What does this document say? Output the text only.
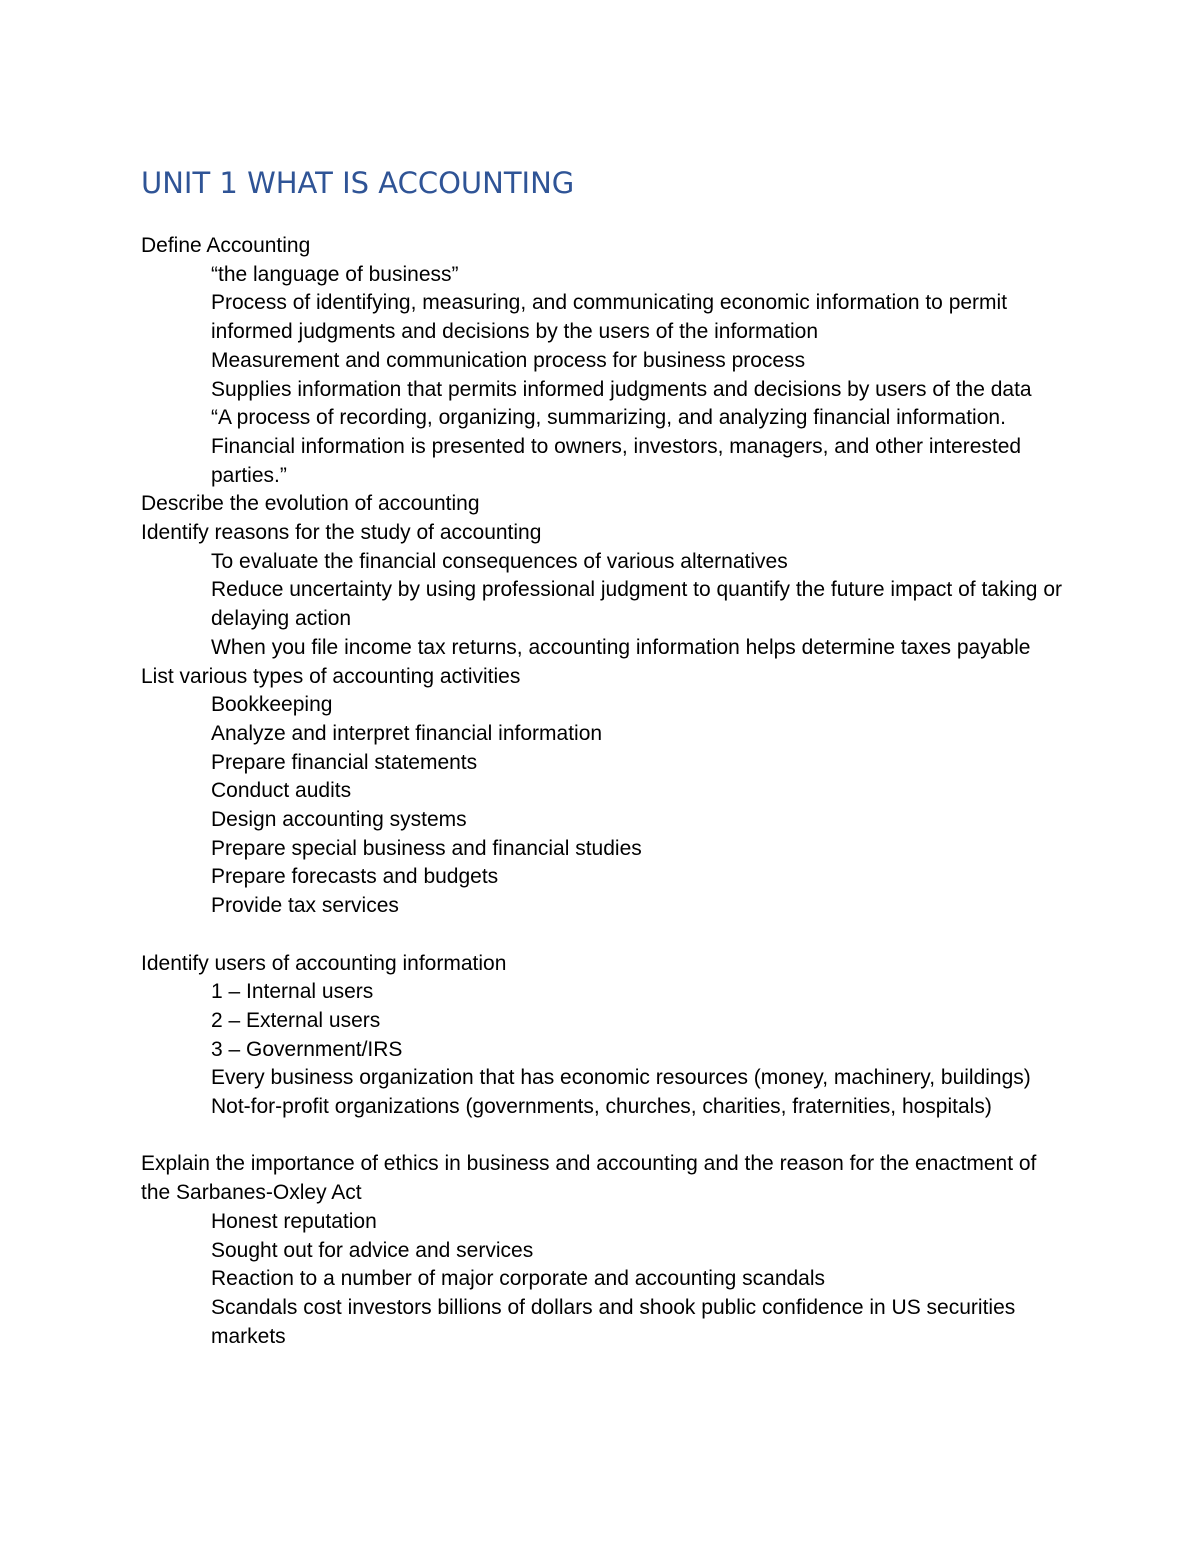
UNIT 1 WHAT IS ACCOUNTING
Define Accounting
“the language of business”
Process of identifying, measuring, and communicating economic information to permit informed judgments and decisions by the users of the information
Measurement and communication process for business process
Supplies information that permits informed judgments and decisions by users of the data
“A process of recording, organizing, summarizing, and analyzing financial information. Financial information is presented to owners, investors, managers, and other interested parties.”
Describe the evolution of accounting
Identify reasons for the study of accounting
To evaluate the financial consequences of various alternatives
Reduce uncertainty by using professional judgment to quantify the future impact of taking or delaying action
When you file income tax returns, accounting information helps determine taxes payable
List various types of accounting activities
Bookkeeping
Analyze and interpret financial information
Prepare financial statements
Conduct audits
Design accounting systems
Prepare special business and financial studies
Prepare forecasts and budgets
Provide tax services
Identify users of accounting information
1 – Internal users
2 – External users
3 – Government/IRS
Every business organization that has economic resources (money, machinery, buildings)
Not-for-profit organizations (governments, churches, charities, fraternities, hospitals)
Explain the importance of ethics in business and accounting and the reason for the enactment of the Sarbanes-Oxley Act
Honest reputation
Sought out for advice and services
Reaction to a number of major corporate and accounting scandals
Scandals cost investors billions of dollars and shook public confidence in US securities markets
